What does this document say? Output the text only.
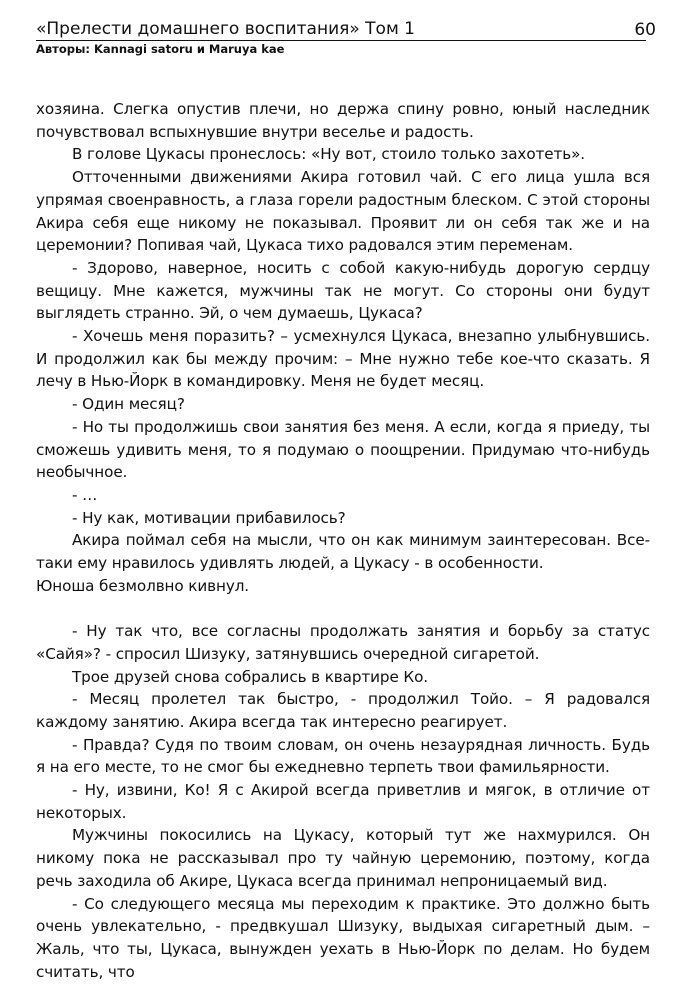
«Прелести домашнего воспитания» Том 1	60
Авторы: Kannagi satoru и Maruya kae

хозяина. Слегка опустив плечи, но держа спину ровно, юный наследник почувствовал вспыхнувшие внутри веселье и радость.

В голове Цукасы пронеслось: «Ну вот, стоило только захотеть».

Отточенными движениями Акира готовил чай. С его лица ушла вся упрямая своенравность, а глаза горели радостным блеском. С этой стороны Акира себя еще никому не показывал. Проявит ли он себя так же и на церемонии? Попивая чай, Цукаса тихо радовался этим переменам.

- Здорово, наверное, носить с собой какую-нибудь дорогую сердцу вещицу. Мне кажется, мужчины так не могут. Со стороны они будут выглядеть странно. Эй, о чем думаешь, Цукаса?

- Хочешь меня поразить? – усмехнулся Цукаса, внезапно улыбнувшись. И продолжил как бы между прочим: – Мне нужно тебе кое-что сказать. Я лечу в Нью-Йорк в командировку. Меня не будет месяц.

- Один месяц?

- Но ты продолжишь свои занятия без меня. А если, когда я приеду, ты сможешь удивить меня, то я подумаю о поощрении. Придумаю что-нибудь необычное.

- …

- Ну как, мотивации прибавилось?

Акира поймал себя на мысли, что он как минимум заинтересован. Все-таки ему нравилось удивлять людей, а Цукасу - в особенности.

Юноша безмолвно кивнул.

- Ну так что, все согласны продолжать занятия и борьбу за статус «Сайя»? - спросил Шизуку, затянувшись очередной сигаретой.

Трое друзей снова собрались в квартире Ко.

- Месяц пролетел так быстро, - продолжил Тойо. – Я радовался каждому занятию. Акира всегда так интересно реагирует.

- Правда? Судя по твоим словам, он очень незаурядная личность. Будь я на его месте, то не смог бы ежедневно терпеть твои фамильярности.

- Ну, извини, Ко! Я с Акирой всегда приветлив и мягок, в отличие от некоторых.

Мужчины покосились на Цукасу, который тут же нахмурился. Он никому пока не рассказывал про ту чайную церемонию, поэтому, когда речь заходила об Акире, Цукаса всегда принимал непроницаемый вид.

- Со следующего месяца мы переходим к практике. Это должно быть очень увлекательно, - предвкушал Шизуку, выдыхая сигаретный дым. – Жаль, что ты, Цукаса, вынужден уехать в Нью-Йорк по делам. Но будем считать, что
